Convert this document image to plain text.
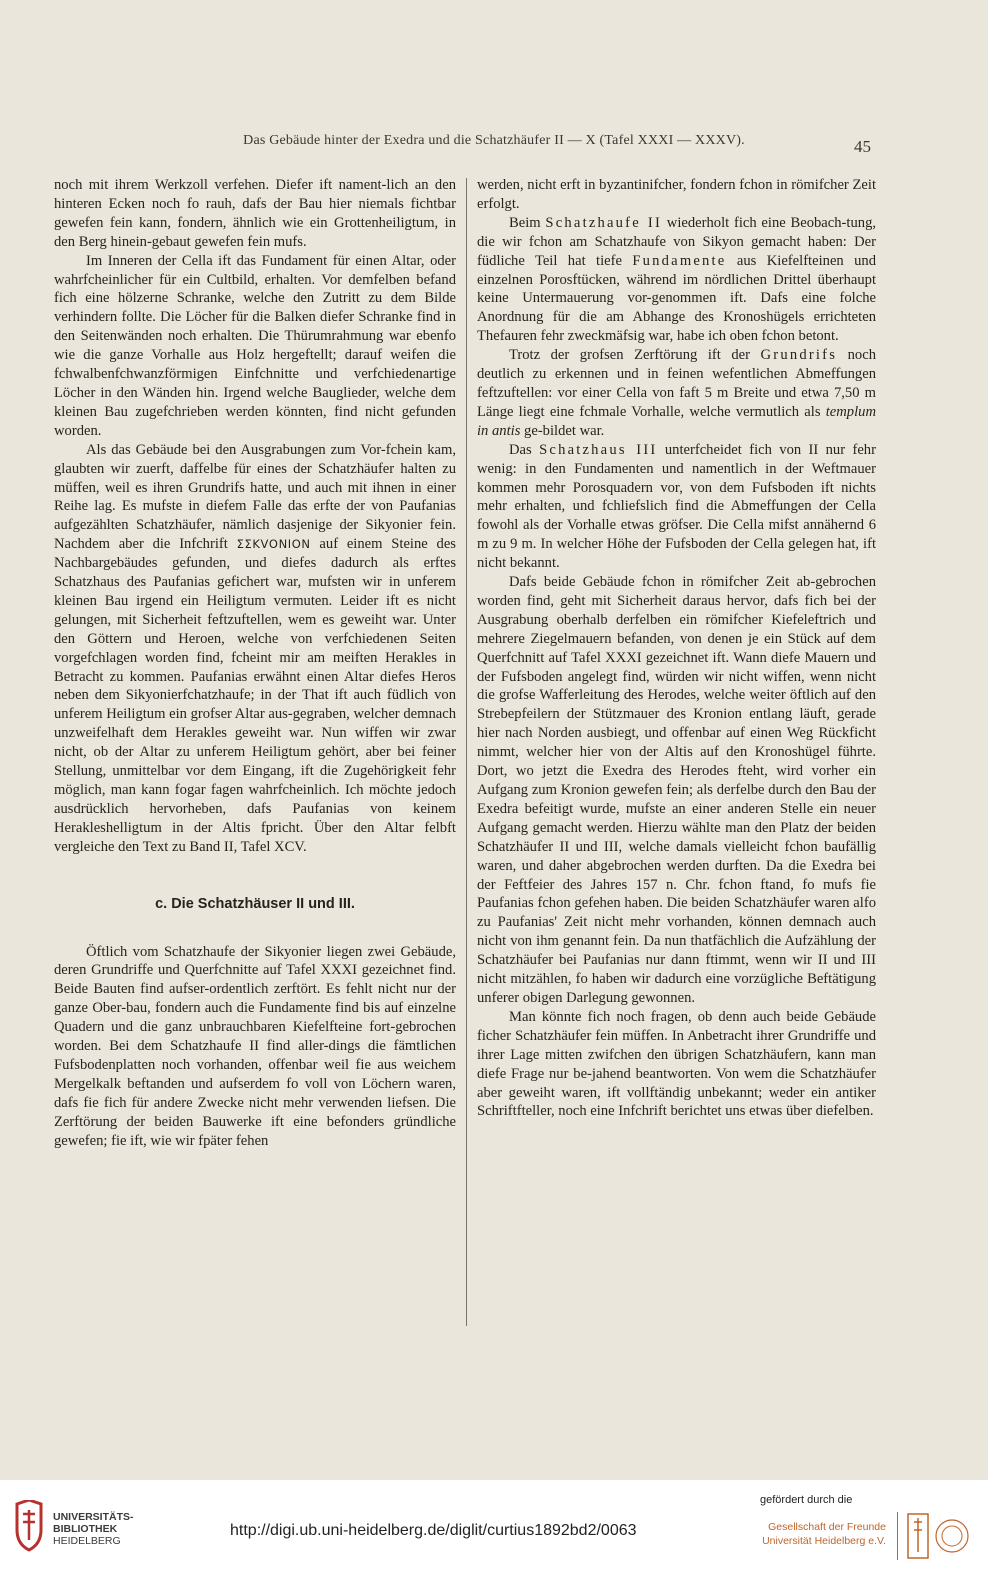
Das Gebäude hinter der Exedra und die Schatzhäufer II — X (Tafel XXXI — XXXV).	45

noch mit ihrem Werkzoll verfehen. Diefer ift nament-lich an den hinteren Ecken noch fo rauh, dafs der Bau hier niemals fichtbar gewefen fein kann, fondern, ähnlich wie ein Grottenheiligtum, in den Berg hinein-gebaut gewefen fein mufs.

Im Inneren der Cella ift das Fundament für einen Altar, oder wahrfcheinlicher für ein Cultbild, erhalten. Vor demfelben befand fich eine hölzerne Schranke, welche den Zutritt zu dem Bilde verhindern follte. Die Löcher für die Balken diefer Schranke find in den Seitenwänden noch erhalten. Die Thürumrahmung war ebenfo wie die ganze Vorhalle aus Holz hergeftellt; darauf weifen die fchwalbenfchwanzförmigen Einfchnitte und verfchiedenartige Löcher in den Wänden hin. Irgend welche Bauglieder, welche dem kleinen Bau zugefchrieben werden könnten, find nicht gefunden worden.

Als das Gebäude bei den Ausgrabungen zum Vor-fchein kam, glaubten wir zuerft, daffelbe für eines der Schatzhäufer halten zu müffen, weil es ihren Grundrifs hatte, und auch mit ihnen in einer Reihe lag. Es mufste in diefem Falle das erfte der von Paufanias aufgezählten Schatzhäufer, nämlich dasjenige der Sikyonier fein. Nachdem aber die Infchrift ΣΣΚVΟΝΙΟΝ auf einem Steine des Nachbargebäudes gefunden, und diefes dadurch als erftes Schatzhaus des Paufanias gefichert war, mufsten wir in unferem kleinen Bau irgend ein Heiligtum vermuten. Leider ift es nicht gelungen, mit Sicherheit feftzuftellen, wem es geweiht war. Unter den Göttern und Heroen, welche von verfchiedenen Seiten vorgefchlagen worden find, fcheint mir am meiften Herakles in Betracht zu kommen. Paufanias erwähnt einen Altar diefes Heros neben dem Sikyonierfchatzhaufe; in der That ift auch füdlich von unferem Heiligtum ein grofser Altar aus-gegraben, welcher demnach unzweifelhaft dem Herakles geweiht war. Nun wiffen wir zwar nicht, ob der Altar zu unferem Heiligtum gehört, aber bei feiner Stellung, unmittelbar vor dem Eingang, ift die Zugehörigkeit fehr möglich, man kann fogar fagen wahrfcheinlich. Ich möchte jedoch ausdrücklich hervorheben, dafs Paufanias von keinem Herakleshelligtum in der Altis fpricht. Über den Altar felbft vergleiche den Text zu Band II, Tafel XCV.

c. Die Schatzhäuser II und III.

Öftlich vom Schatzhaufe der Sikyonier liegen zwei Gebäude, deren Grundriffe und Querfchnitte auf Tafel XXXI gezeichnet find. Beide Bauten find aufser-ordentlich zerftört. Es fehlt nicht nur der ganze Ober-bau, fondern auch die Fundamente find bis auf einzelne Quadern und die ganz unbrauchbaren Kiefelfteine fort-gebrochen worden. Bei dem Schatzhaufe II find aller-dings die fämtlichen Fufsbodenplatten noch vorhanden, offenbar weil fie aus weichem Mergelkalk beftanden und aufserdem fo voll von Löchern waren, dafs fie fich für andere Zwecke nicht mehr verwenden liefsen. Die Zerftörung der beiden Bauwerke ift eine befonders gründliche gewefen; fie ift, wie wir fpäter fehen

werden, nicht erft in byzantinifcher, fondern fchon in römifcher Zeit erfolgt.

Beim Schatzhaufe II wiederholt fich eine Beobach-tung, die wir fchon am Schatzhaufe von Sikyon gemacht haben: Der füdliche Teil hat tiefe Fundamente aus Kiefelfteinen und einzelnen Porosftücken, während im nördlichen Drittel überhaupt keine Untermauerung vor-genommen ift. Dafs eine folche Anordnung für die am Abhange des Kronoshügels errichteten Thefauren fehr zweckmäfsig war, habe ich oben fchon betont.

Trotz der grofsen Zerftörung ift der Grundrifs noch deutlich zu erkennen und in feinen wefentlichen Abmeffungen feftzuftellen: vor einer Cella von faft 5 m Breite und etwa 7,50 m Länge liegt eine fchmale Vorhalle, welche vermutlich als templum in antis ge-bildet war.

Das Schatzhaus III unterfcheidet fich von II nur fehr wenig: in den Fundamenten und namentlich in der Weftmauer kommen mehr Porosquadern vor, von dem Fufsboden ift nichts mehr erhalten, und fchliefslich find die Abmeffungen der Cella fowohl als der Vorhalle etwas gröfser. Die Cella mifst annähernd 6 m zu 9 m. In welcher Höhe der Fufsboden der Cella gelegen hat, ift nicht bekannt.

Dafs beide Gebäude fchon in römifcher Zeit ab-gebrochen worden find, geht mit Sicherheit daraus hervor, dafs fich bei der Ausgrabung oberhalb derfelben ein römifcher Kiefeleftrich und mehrere Ziegelmauern befanden, von denen je ein Stück auf dem Querfchnitt auf Tafel XXXI gezeichnet ift. Wann diefe Mauern und der Fufsboden angelegt find, würden wir nicht wiffen, wenn nicht die grofse Wafferleitung des Herodes, welche weiter öftlich auf den Strebepfeilern der Stützmauer des Kronion entlang läuft, gerade hier nach Norden ausbiegt, und offenbar auf einen Weg Rückficht nimmt, welcher hier von der Altis auf den Kronoshügel führte. Dort, wo jetzt die Exedra des Herodes fteht, wird vorher ein Aufgang zum Kronion gewefen fein; als derfelbe durch den Bau der Exedra befeitigt wurde, mufste an einer anderen Stelle ein neuer Aufgang gemacht werden. Hierzu wählte man den Platz der beiden Schatzhäufer II und III, welche damals vielleicht fchon baufällig waren, und daher abgebrochen werden durften. Da die Exedra bei der Feftfeier des Jahres 157 n. Chr. fchon ftand, fo mufs fie Paufanias fchon gefehen haben. Die beiden Schatzhäufer waren alfo zu Paufanias' Zeit nicht mehr vorhanden, können demnach auch nicht von ihm genannt fein. Da nun thatfächlich die Aufzählung der Schatzhäufer bei Paufanias nur dann ftimmt, wenn wir II und III nicht mitzählen, fo haben wir dadurch eine vorzügliche Beftätigung unferer obigen Darlegung gewonnen.

Man könnte fich noch fragen, ob denn auch beide Gebäude ficher Schatzhäufer fein müffen. In Anbetracht ihrer Grundriffe und ihrer Lage mitten zwifchen den übrigen Schatzhäufern, kann man diefe Frage nur be-jahend beantworten. Von wem die Schatzhäufer aber geweiht waren, ift vollftändig unbekannt; weder ein antiker Schriftfteller, noch eine Infchrift berichtet uns etwas über diefelben.

UNIVERSITÄTS-
BIBLIOTHEK
HEIDELBERG
http://digi.ub.uni-heidelberg.de/diglit/curtius1892bd2/0063
gefördert durch die
Gesellschaft der Freunde
Universität Heidelberg e.V.
